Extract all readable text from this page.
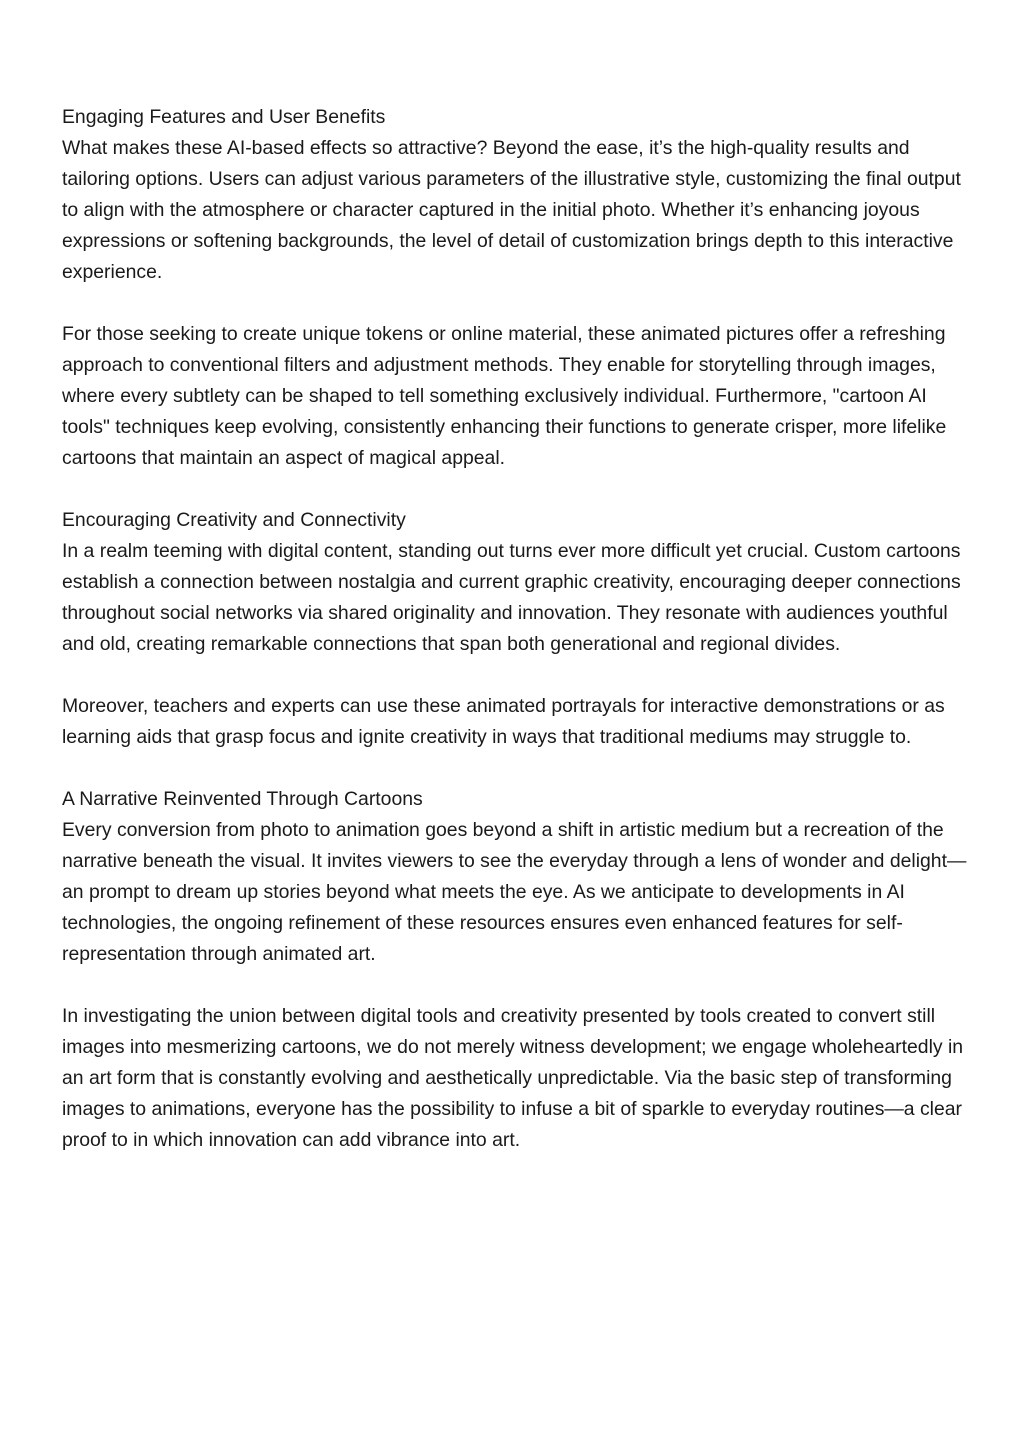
Engaging Features and User Benefits

What makes these AI-based effects so attractive? Beyond the ease, it’s the high-quality results and tailoring options. Users can adjust various parameters of the illustrative style, customizing the final output to align with the atmosphere or character captured in the initial photo. Whether it’s enhancing joyous expressions or softening backgrounds, the level of detail of customization brings depth to this interactive experience.

For those seeking to create unique tokens or online material, these animated pictures offer a refreshing approach to conventional filters and adjustment methods. They enable for storytelling through images, where every subtlety can be shaped to tell something exclusively individual. Furthermore, "cartoon AI tools" techniques keep evolving, consistently enhancing their functions to generate crisper, more lifelike cartoons that maintain an aspect of magical appeal.

Encouraging Creativity and Connectivity

In a realm teeming with digital content, standing out turns ever more difficult yet crucial. Custom cartoons establish a connection between nostalgia and current graphic creativity, encouraging deeper connections throughout social networks via shared originality and innovation. They resonate with audiences youthful and old, creating remarkable connections that span both generational and regional divides.

Moreover, teachers and experts can use these animated portrayals for interactive demonstrations or as learning aids that grasp focus and ignite creativity in ways that traditional mediums may struggle to.

A Narrative Reinvented Through Cartoons

Every conversion from photo to animation goes beyond a shift in artistic medium but a recreation of the narrative beneath the visual. It invites viewers to see the everyday through a lens of wonder and delight—an prompt to dream up stories beyond what meets the eye. As we anticipate to developments in AI technologies, the ongoing refinement of these resources ensures even enhanced features for self-representation through animated art.

In investigating the union between digital tools and creativity presented by tools created to convert still images into mesmerizing cartoons, we do not merely witness development; we engage wholeheartedly in an art form that is constantly evolving and aesthetically unpredictable. Via the basic step of transforming images to animations, everyone has the possibility to infuse a bit of sparkle to everyday routines—a clear proof to in which innovation can add vibrance into art.
